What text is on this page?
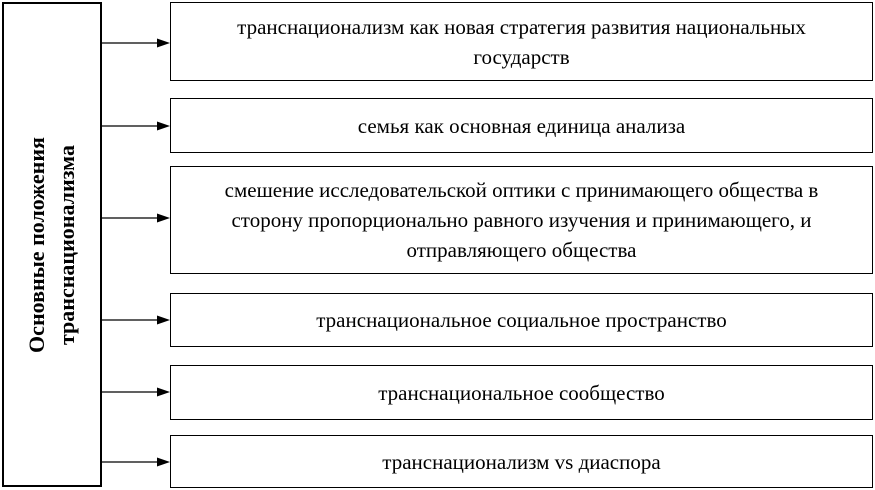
Основные положения транснационализма
транснационализм как новая стратегия развития национальных государств
семья как основная единица анализа
смешение исследовательской оптики с принимающего общества в сторону пропорционально равного изучения и принимающего, и отправляющего общества
транснациональное социальное пространство
транснациональное сообщество
транснационализм vs диаспора
